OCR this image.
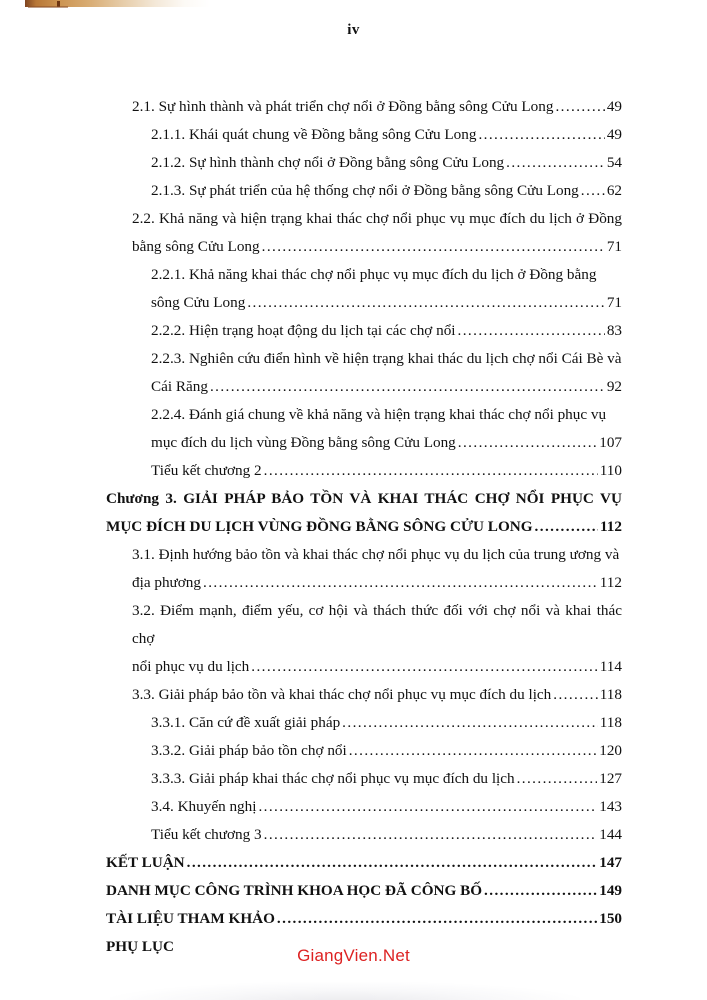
iv
2.1. Sự hình thành và phát triển chợ nổi ở Đồng bằng sông Cửu Long .....	49
2.1.1. Khái quát chung về Đồng bằng sông Cửu Long .....	49
2.1.2. Sự hình thành chợ nổi ở Đồng bằng sông Cửu Long .....	54
2.1.3. Sự phát triển của hệ thống chợ nổi ở Đồng bằng sông Cửu Long ..... 62
2.2. Khả năng và hiện trạng khai thác chợ nổi phục vụ mục đích du lịch ở Đồng
bằng sông Cửu Long .....	71
2.2.1. Khả năng khai thác chợ nổi phục vụ mục đích du lịch ở Đồng bằng
sông Cửu Long .....	71
2.2.2. Hiện trạng hoạt động du lịch tại các chợ nổi .....	83
2.2.3. Nghiên cứu điển hình về hiện trạng khai thác du lịch chợ nổi Cái Bè và
Cái Răng .....	92
2.2.4. Đánh giá chung về khả năng và hiện trạng khai thác chợ nổi phục vụ
mục đích du lịch vùng Đồng bằng sông Cửu Long .....	107
Tiểu kết chương 2 .....	110
Chương 3. GIẢI PHÁP BẢO TỒN VÀ KHAI THÁC CHỢ NỔI PHỤC VỤ
MỤC ĐÍCH DU LỊCH VÙNG ĐỒNG BẰNG SÔNG CỬU LONG .....	112
3.1. Định hướng bảo tồn và khai thác chợ nổi phục vụ du lịch của trung ương và
địa phương .....	112
3.2. Điểm mạnh, điểm yếu, cơ hội và thách thức đối với chợ nổi và khai thác chợ
nổi phục vụ du lịch .....	114
3.3. Giải pháp bảo tồn và khai thác chợ nổi phục vụ mục đích du lịch .....	118
3.3.1. Căn cứ đề xuất giải pháp .....	118
3.3.2. Giải pháp bảo tồn chợ nổi .....	120
3.3.3. Giải pháp khai thác chợ nổi phục vụ mục đích du lịch .....	127
3.4. Khuyến nghị .....	143
Tiểu kết chương 3 .....	144
KẾT LUẬN .....	147
DANH MỤC CÔNG TRÌNH KHOA HỌC ĐÃ CÔNG BỐ .....	149
TÀI LIỆU THAM KHẢO .....	150
PHỤ LỤC	GiangVien.Net
